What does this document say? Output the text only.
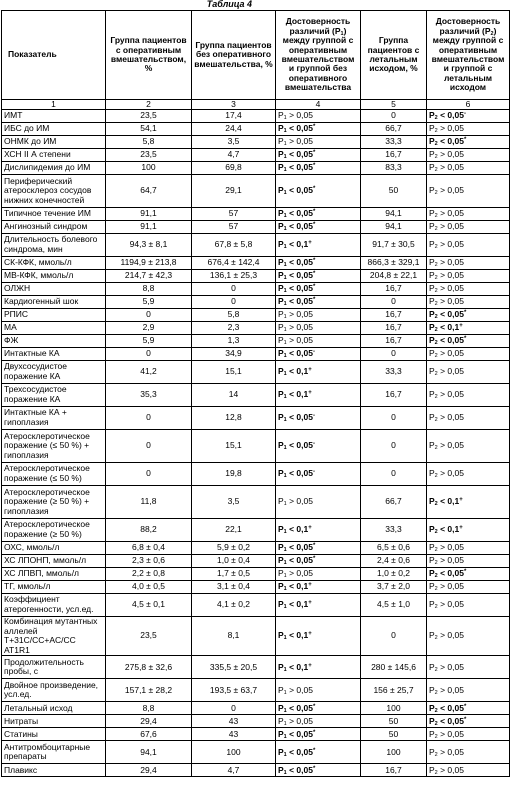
Таблица 4
Показатель	Группа пациентов с оперативным вмешательством, %	Группа пациентов без оперативного вмешательства, %	Достоверность различий $(P_1)$ между группой с оперативным вмешательством и группой без оперативного вмешательства	Группа пациентов с летальным исходом, %	Достоверность различий $(P_2)$ между группой с оперативным вмешательством и группой с летальным исходом
1	2	3	4	5	6
ИМТ	23,5	17,4	$P_1 > 0,05$	0	$P_2 < 0,05^-$
ИБС до ИМ	54,1	24,4	$P_1 < 0,05^*$	66,7	$P_2 > 0,05$
ОНМК до ИМ	5,8	3,5	$P_1 > 0,05$	33,3	$P_2 < 0,05^*$
ХСН II А степени	23,5	4,7	$P_1 < 0,05^*$	16,7	$P_2 > 0,05$
Дислипидемия до ИМ	100	69,8	$P_1 < 0,05^*$	83,3	$P_2 > 0,05$
Периферический атеросклероз сосудов нижних конечностей	64,7	29,1	$P_1 < 0,05^*$	50	$P_2 > 0,05$
Типичное течение ИМ	91,1	57	$P_1 < 0,05^*$	94,1	$P_2 > 0,05$
Ангинозный синдром	91,1	57	$P_1 < 0,05^*$	94,1	$P_2 > 0,05$
Длительность болевого синдрома, мин	94,3 ± 8,1	67,8 ± 5,8	$P_1 < 0,1^+$	91,7 ± 30,5	$P_2 > 0,05$
СК-КФК, ммоль/л	1194,9 ± 213,8	676,4 ± 142,4	$P_1 < 0,05^*$	866,3 ± 329,1	$P_2 > 0,05$
МВ-КФК, ммоль/л	214,7 ± 42,3	136,1 ± 25,3	$P_1 < 0,05^*$	204,8 ± 22,1	$P_2 > 0,05$
ОЛЖН	8,8	0	$P_1 < 0,05^*$	16,7	$P_2 > 0,05$
Кардиогенный шок	5,9	0	$P_1 < 0,05^*$	0	$P_2 > 0,05$
РПИС	0	5,8	$P_1 > 0,05$	16,7	$P_2 < 0,05^*$
МА	2,9	2,3	$P_1 > 0,05$	16,7	$P_2 < 0,1^+$
ФЖ	5,9	1,3	$P_1 > 0,05$	16,7	$P_2 < 0,05^*$
Интактные КА	0	34,9	$P_1 < 0,05^-$	0	$P_2 > 0,05$
Двухсосудистое поражение КА	41,2	15,1	$P_1 < 0,1^+$	33,3	$P_2 > 0,05$
Трехсосудистое поражение КА	35,3	14	$P_1 < 0,1^+$	16,7	$P_2 > 0,05$
Интактные КА + гипоплазия	0	12,8	$P_1 < 0,05^-$	0	$P_2 > 0,05$
Атеросклеротическое поражение (≤ 50 %) + гипоплазия	0	15,1	$P_1 < 0,05^-$	0	$P_2 > 0,05$
Атеросклеротическое поражение (≤ 50 %)	0	19,8	$P_1 < 0,05^-$	0	$P_2 > 0,05$
Атеросклеротическое поражение (≥ 50 %) + гипоплазия	11,8	3,5	$P_1 > 0,05$	66,7	$P_2 < 0,1^+$
Атеросклеротическое поражение (≥ 50 %)	88,2	22,1	$P_1 < 0,1^+$	33,3	$P_2 < 0,1^+$
ОХС, ммоль/л	6,8 ± 0,4	5,9 ± 0,2	$P_1 < 0,05^*$	6,5 ± 0,6	$P_2 > 0,05$
ХС ЛПОНП, ммоль/л	2,3 ± 0,6	1,0 ± 0,4	$P_1 < 0,05^*$	2,4 ± 0,6	$P_2 > 0,05$
ХС ЛПВП, ммоль/л	2,2 ± 0,8	1,7 ± 0,5	$P_1 > 0,05$	1,0 ± 0,2	$P_2 < 0,05^*$
ТГ, ммоль/л	4,0 ± 0,5	3,1 ± 0,4	$P_1 < 0,1^+$	3,7 ± 2,0	$P_2 > 0,05$
Коэффициент атерогенности, усл.ед.	4,5 ± 0,1	4,1 ± 0,2	$P_1 < 0,1^+$	4,5 ± 1,0	$P_2 > 0,05$
Комбинация мутантных аллелей Т+31С/CC+AC/CC AT1R1	23,5	8,1	$P_1 < 0,1^+$	0	$P_2 > 0,05$
Продолжительность пробы, с	275,8 ± 32,6	335,5 ± 20,5	$P_1 < 0,1^+$	280 ± 145,6	$P_2 > 0,05$
Двойное произведение, усл.ед.	157,1 ± 28,2	193,5 ± 63,7	$P_1 > 0,05$	156 ± 25,7	$P_2 > 0,05$
Летальный исход	8,8	0	$P_1 < 0,05^*$	100	$P_2 < 0,05^*$
Нитраты	29,4	43	$P_1 > 0,05$	50	$P_2 < 0,05^*$
Статины	67,6	43	$P_1 < 0,05^*$	50	$P_2 > 0,05$
Антитромбоцитарные препараты	94,1	100	$P_1 < 0,05^*$	100	$P_2 > 0,05$
Плавикс	29,4	4,7	$P_1 < 0,05^*$	16,7	$P_2 > 0,05$
